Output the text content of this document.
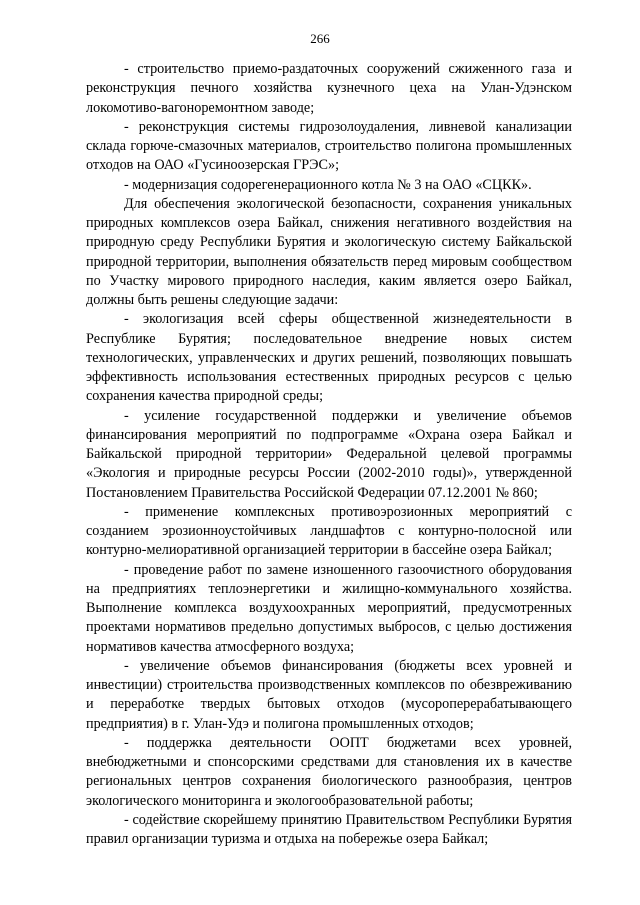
266

- строительство приемо-раздаточных сооружений сжиженного газа и реконструкция печного хозяйства кузнечного цеха на Улан-Удэнском локомотиво-вагоноремонтном заводе;

- реконструкция системы гидрозолоудаления, ливневой канализации склада горюче-смазочных материалов, строительство полигона промышленных отходов на ОАО «Гусиноозерская ГРЭС»;

- модернизация содорегенерационного котла № 3 на ОАО «СЦКК».

Для обеспечения экологической безопасности, сохранения уникальных природных комплексов озера Байкал, снижения негативного воздействия на природную среду Республики Бурятия и экологическую систему Байкальской природной территории, выполнения обязательств перед мировым сообществом по Участку мирового природного наследия, каким является озеро Байкал, должны быть решены следующие задачи:

- экологизация всей сферы общественной жизнедеятельности в Республике Бурятия; последовательное внедрение новых систем технологических, управленческих и других решений, позволяющих повышать эффективность использования естественных природных ресурсов с целью сохранения качества природной среды;

- усиление государственной поддержки и увеличение объемов финансирования мероприятий по подпрограмме «Охрана озера Байкал и Байкальской природной территории» Федеральной целевой программы «Экология и природные ресурсы России (2002-2010 годы)», утвержденной Постановлением Правительства Российской Федерации 07.12.2001 № 860;

- применение комплексных противоэрозионных мероприятий с созданием эрозионноустойчивых ландшафтов с контурно-полосной или контурно-мелиоративной организацией территории в бассейне озера Байкал;

- проведение работ по замене изношенного газоочистного оборудования на предприятиях теплоэнергетики и жилищно-коммунального хозяйства. Выполнение комплекса воздухоохранных мероприятий, предусмотренных проектами нормативов предельно допустимых выбросов, с целью достижения нормативов качества атмосферного воздуха;

- увеличение объемов финансирования (бюджеты всех уровней и инвестиции) строительства производственных комплексов по обезвреживанию и переработке твердых бытовых отходов (мусороперерабатывающего предприятия) в г. Улан-Удэ и полигона промышленных отходов;

- поддержка деятельности ООПТ бюджетами всех уровней, внебюджетными и спонсорскими средствами для становления их в качестве региональных центров сохранения биологического разнообразия, центров экологического мониторинга и экологообразовательной работы;

- содействие скорейшему принятию Правительством Республики Бурятия правил организации туризма и отдыха на побережье озера Байкал;
